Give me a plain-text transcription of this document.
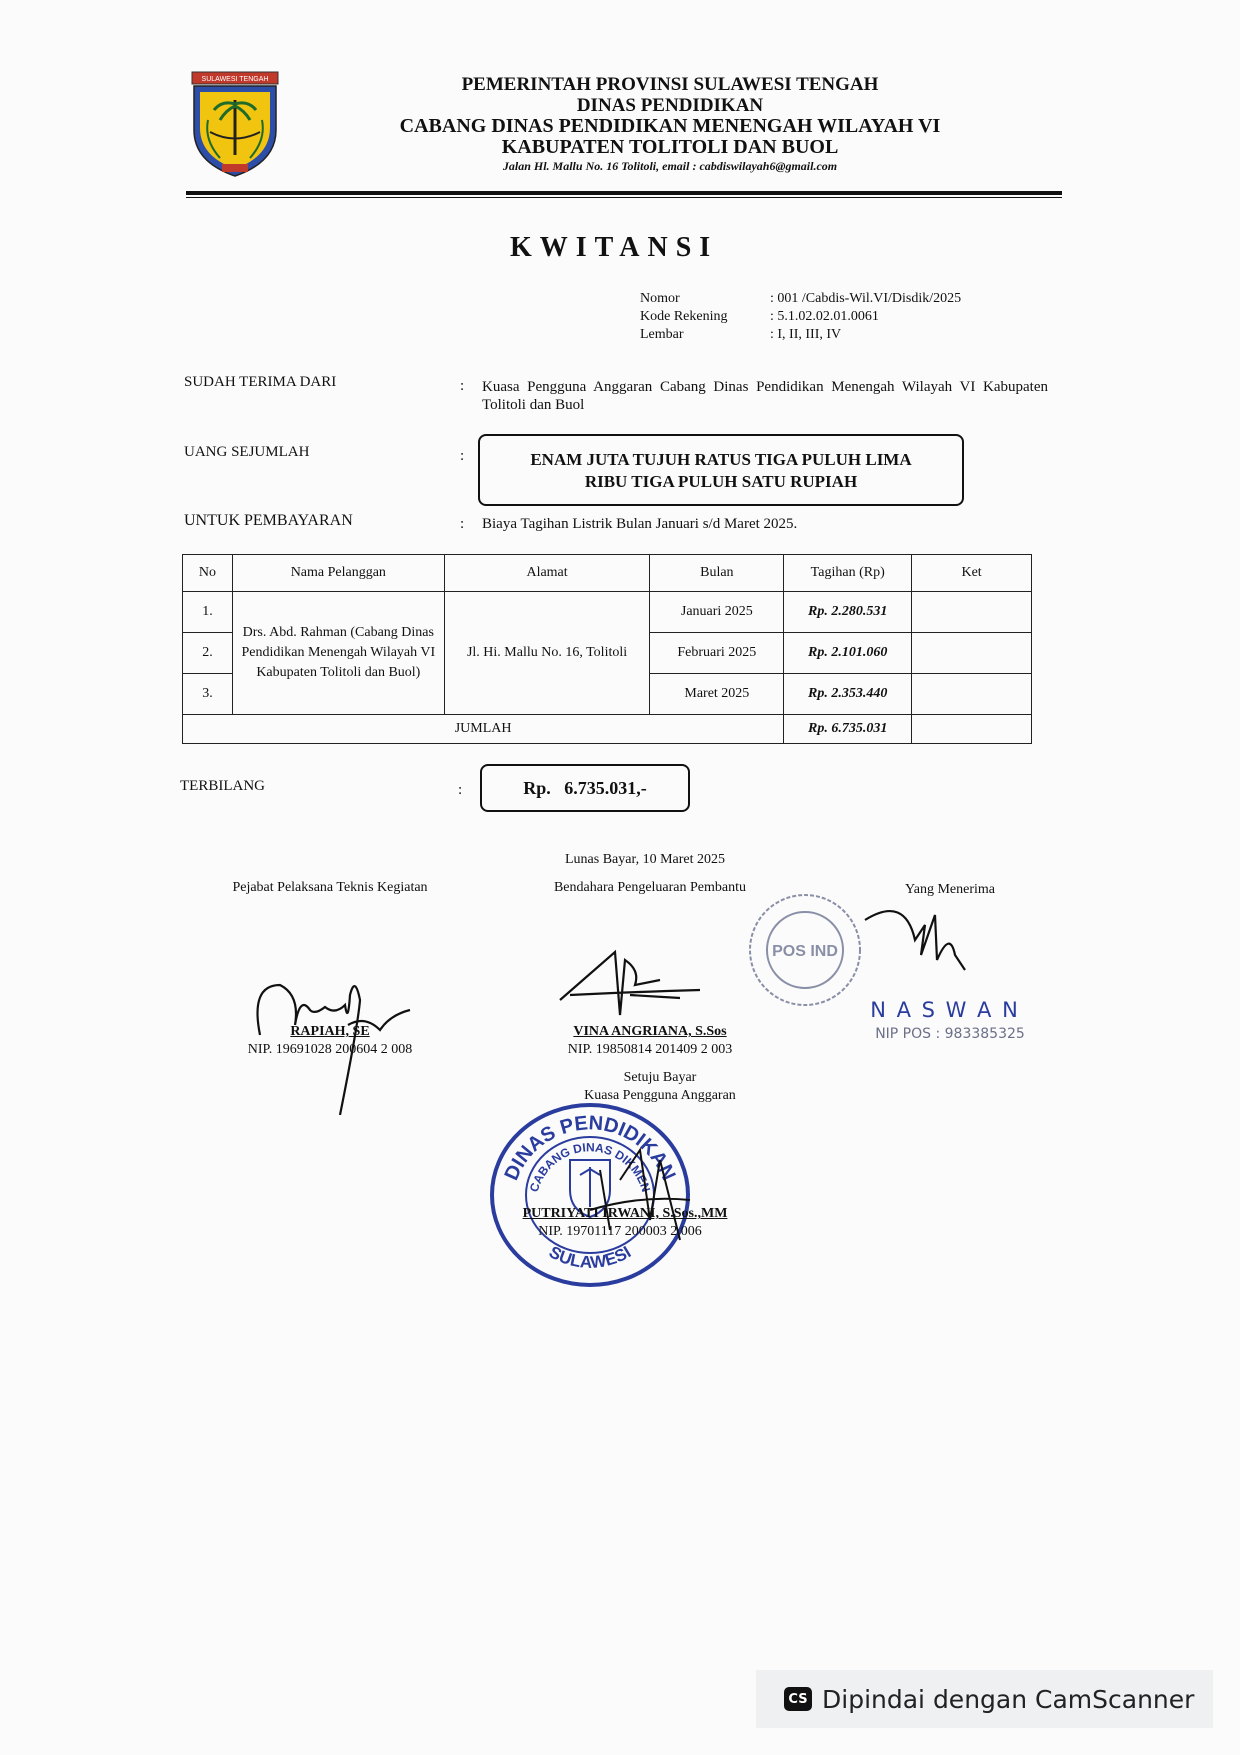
SULAWESI TENGAH	PEMERINTAH PROVINSI SULAWESI TENGAH
DINAS PENDIDIKAN
CABANG DINAS PENDIDIKAN MENENGAH WILAYAH VI
KABUPATEN TOLITOLI DAN BUOL
Jalan Hl. Mallu No. 16 Tolitoli, email : cabdiswilayah6@gmail.com
KWITANSI
Nomor	: 001 /Cabdis-Wil.VI/Disdik/2025
Kode Rekening	: 5.1.02.02.01.0061
Lembar	: I, II, III, IV
SUDAH TERIMA DARI	: Kuasa Pengguna Anggaran Cabang Dinas Pendidikan Menengah Wilayah VI Kabupaten Tolitoli dan Buol
UANG SEJUMLAH	:	ENAM JUTA TUJUH RATUS TIGA PULUH LIMA
RIBU TIGA PULUH SATU RUPIAH
UNTUK PEMBAYARAN	: Biaya Tagihan Listrik Bulan Januari s/d Maret 2025.
No	Nama Pelanggan	Alamat	Bulan	Tagihan (Rp)	Ket
1.	Drs. Abd. Rahman (Cabang Dinas Pendidikan Menengah Wilayah VI Kabupaten Tolitoli dan Buol)	Jl. Hi. Mallu No. 16, Tolitoli	Januari 2025	Rp. 2.280.531	
2.			Februari 2025	Rp. 2.101.060	
3.			Maret 2025	Rp. 2.353.440	
JUMLAH				Rp. 6.735.031	
TERBILANG	:	Rp.   6.735.031,-
Lunas Bayar, 10 Maret 2025
Pejabat Pelaksana Teknis Kegiatan
RAPIAH, SE
NIP. 19691028 200604 2 008
Bendahara Pengeluaran Pembantu
VINA ANGRIANA, S.Sos
NIP. 19850814 201409 2 003
Yang Menerima
POS IND
N A S W A N
NIP POS : 983385325
Setuju Bayar
Kuasa Pengguna Anggaran
DINAS PENDIDIKAN
CABANG DINAS DIKMEN
SULAWESI
PUTRIYATI IRWANI, S.Sos.,MM
NIP. 19701117 200003 2 006
CS Dipindai dengan CamScanner
